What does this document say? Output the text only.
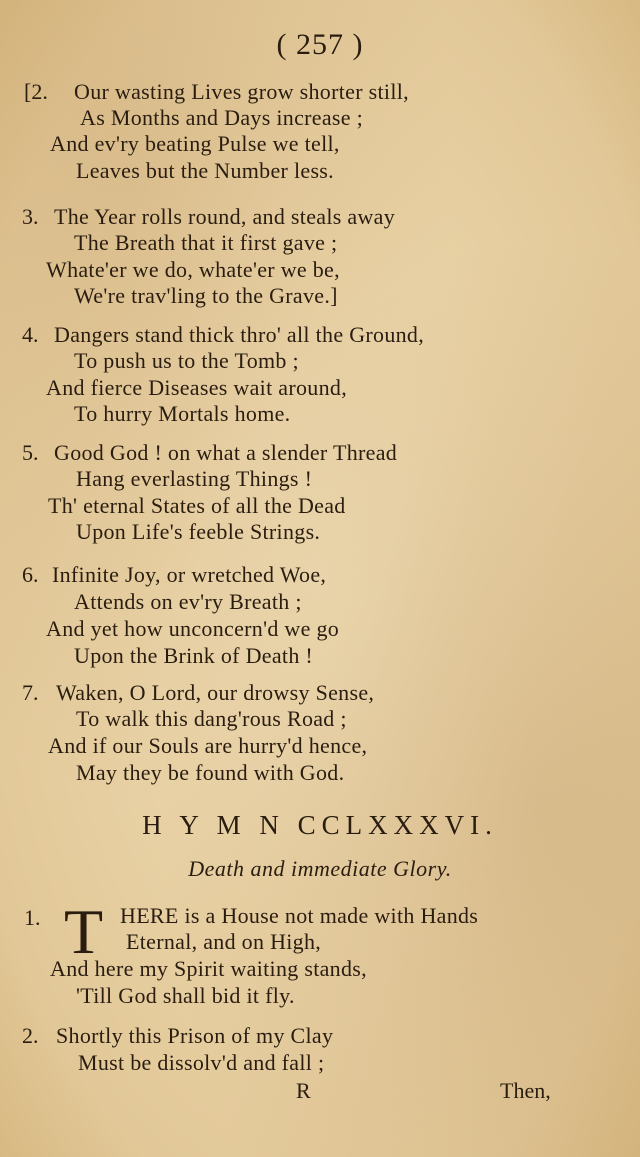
( 257 )
[2. Our wasting Lives grow shorter still,
As Months and Days increase ;
And ev'ry beating Pulse we tell,
Leaves but the Number less.
3. The Year rolls round, and steals away
The Breath that it first gave ;
Whate'er we do, whate'er we be,
We're trav'ling to the Grave.]
4. Dangers stand thick thro' all the Ground,
To push us to the Tomb ;
And fierce Diseases wait around,
To hurry Mortals home.
5. Good God ! on what a slender Thread
Hang everlasting Things !
Th' eternal States of all the Dead
Upon Life's feeble Strings.
6. Infinite Joy, or wretched Woe,
Attends on ev'ry Breath ;
And yet how unconcern'd we go
Upon the Brink of Death !
7. Waken, O Lord, our drowsy Sense,
To walk this dang'rous Road ;
And if our Souls are hurry'd hence,
May they be found with God.
H Y M N CCLXXXVI.
Death and immediate Glory.
1. T HERE is a House not made with Hands
Eternal, and on High,
And here my Spirit waiting stands,
'Till God shall bid it fly.
2. Shortly this Prison of my Clay
Must be dissolv'd and fall ;
R	Then,
